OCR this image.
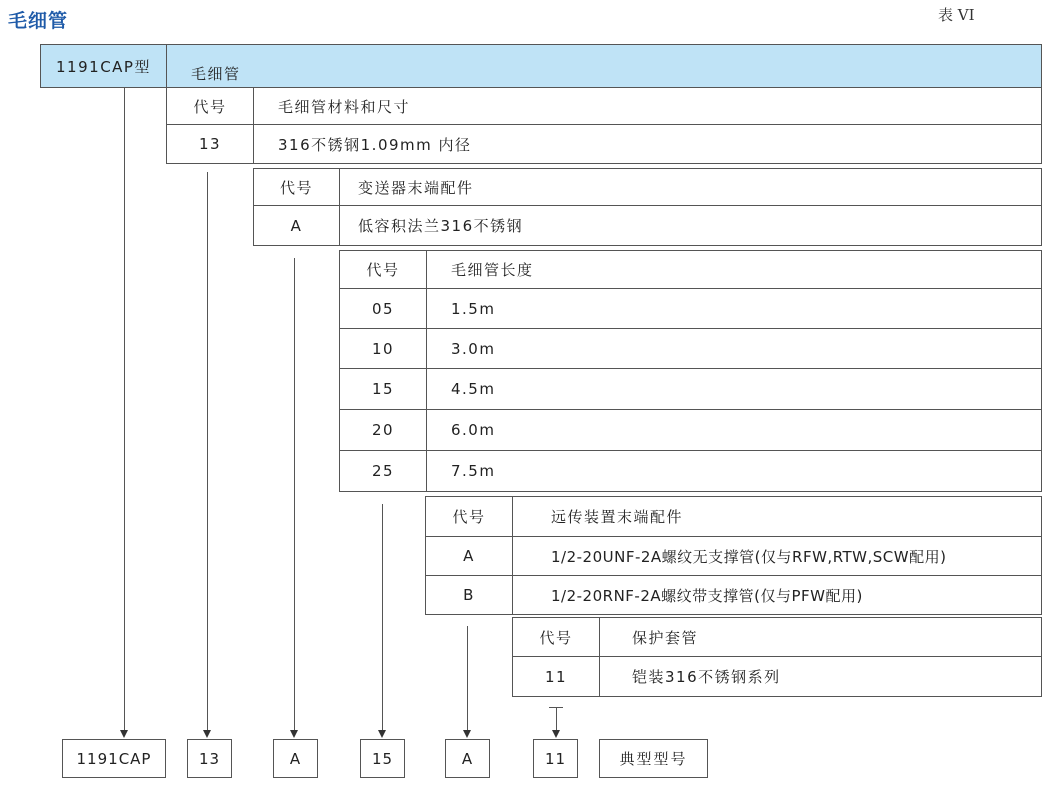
毛细管	表 VI
1191CAP型	毛细管
代号	毛细管材料和尺寸
13	316不锈钢1.09mm 内径
代号	变送器末端配件
A	低容积法兰316不锈钢
代号	毛细管长度
05	1.5m
10	3.0m
15	4.5m
20	6.0m
25	7.5m
代号	远传装置末端配件
A	1/2-20UNF-2A螺纹无支撑管(仅与RFW,RTW,SCW配用)
B	1/2-20RNF-2A螺纹带支撑管(仅与PFW配用)
代号	保护套管
11	铠装316不锈钢系列
1191CAP	13	A	15	A	11	典型型号
